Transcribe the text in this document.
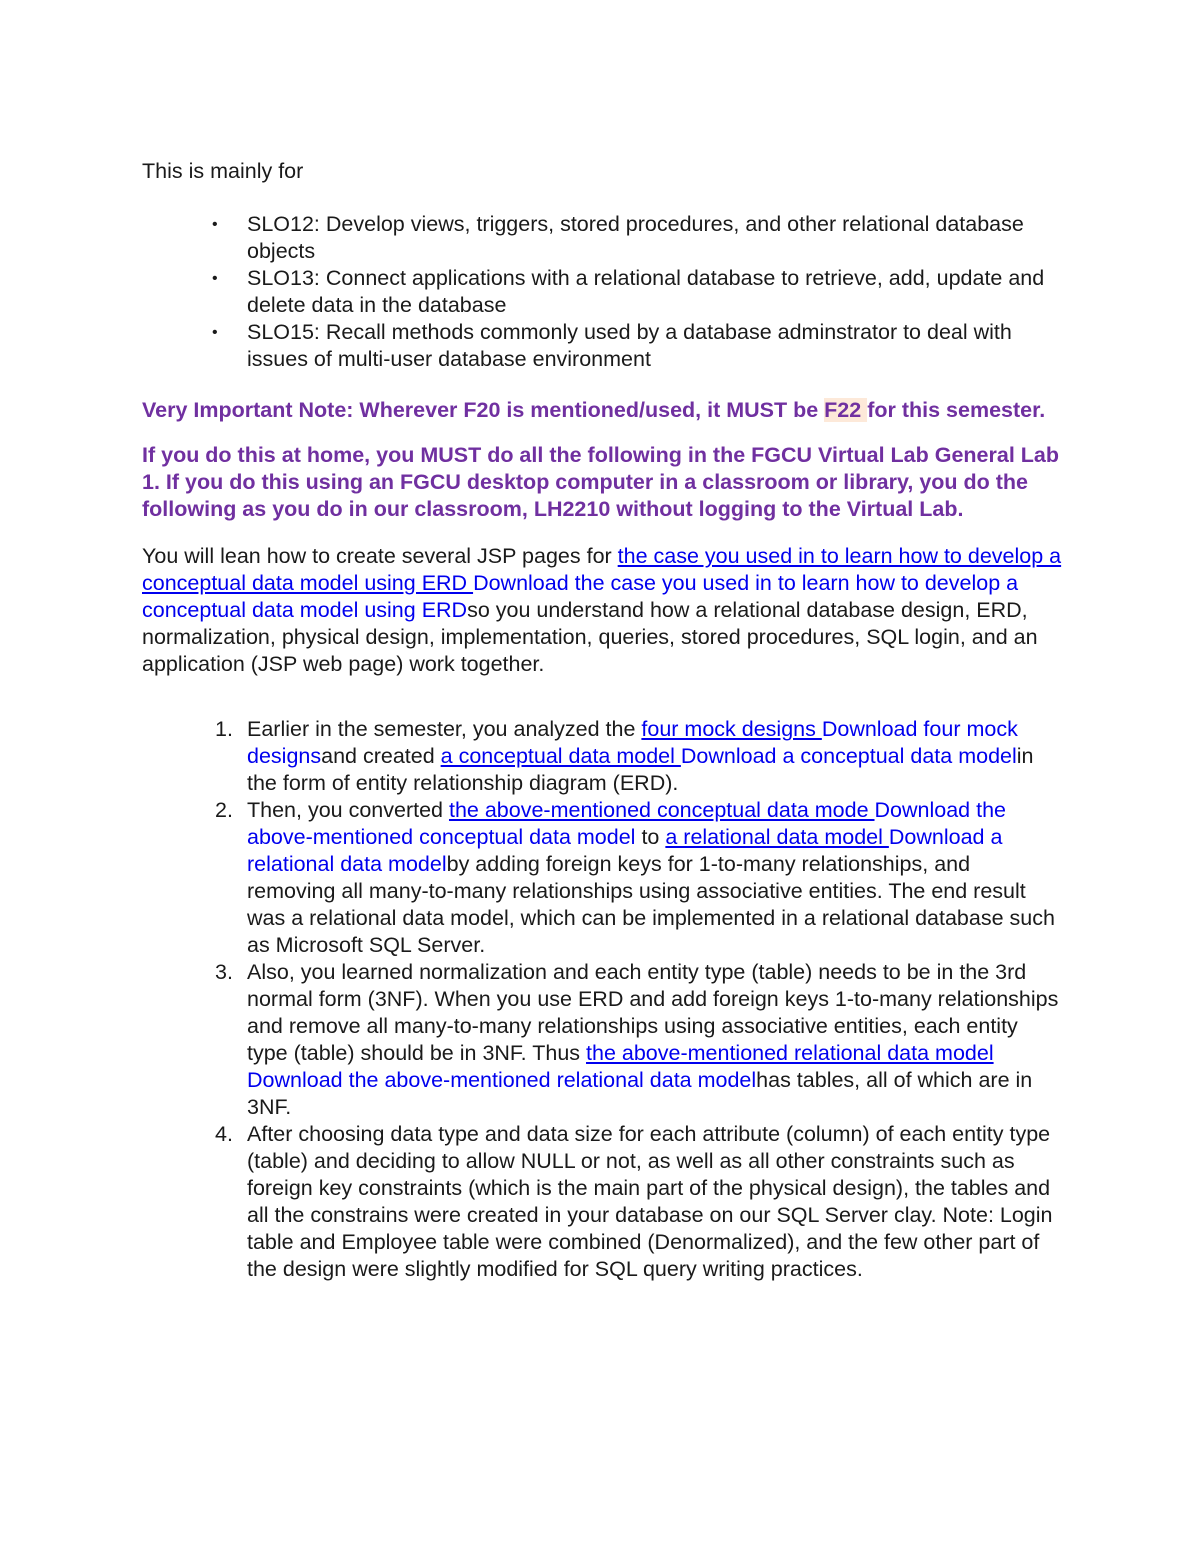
This is mainly for

• SLO12: Develop views, triggers, stored procedures, and other relational database objects
• SLO13: Connect applications with a relational database to retrieve, add, update and delete data in the database
• SLO15: Recall methods commonly used by a database adminstrator to deal with issues of multi-user database environment

Very Important Note: Wherever F20 is mentioned/used, it MUST be F22 for this semester.

If you do this at home, you MUST do all the following in the FGCU Virtual Lab General Lab 1. If you do this using an FGCU desktop computer in a classroom or library, you do the following as you do in our classroom, LH2210 without logging to the Virtual Lab.

You will lean how to create several JSP pages for the case you used in to learn how to develop a conceptual data model using ERD Download the case you used in to learn how to develop a conceptual data model using ERDso you understand how a relational database design, ERD, normalization, physical design, implementation, queries, stored procedures, SQL login, and an application (JSP web page) work together.

1. Earlier in the semester, you analyzed the four mock designs Download four mock designsand created a conceptual data model Download a conceptual data modelin the form of entity relationship diagram (ERD).
2. Then, you converted the above-mentioned conceptual data mode Download the above-mentioned conceptual data model to a relational data model Download a relational data modelby adding foreign keys for 1-to-many relationships, and removing all many-to-many relationships using associative entities. The end result was a relational data model, which can be implemented in a relational database such as Microsoft SQL Server.
3. Also, you learned normalization and each entity type (table) needs to be in the 3rd normal form (3NF). When you use ERD and add foreign keys 1-to-many relationships and remove all many-to-many relationships using associative entities, each entity type (table) should be in 3NF. Thus the above-mentioned relational data model Download the above-mentioned relational data modelhas tables, all of which are in 3NF.
4. After choosing data type and data size for each attribute (column) of each entity type (table) and deciding to allow NULL or not, as well as all other constraints such as foreign key constraints (which is the main part of the physical design), the tables and all the constrains were created in your database on our SQL Server clay. Note: Login table and Employee table were combined (Denormalized), and the few other part of the design were slightly modified for SQL query writing practices.
